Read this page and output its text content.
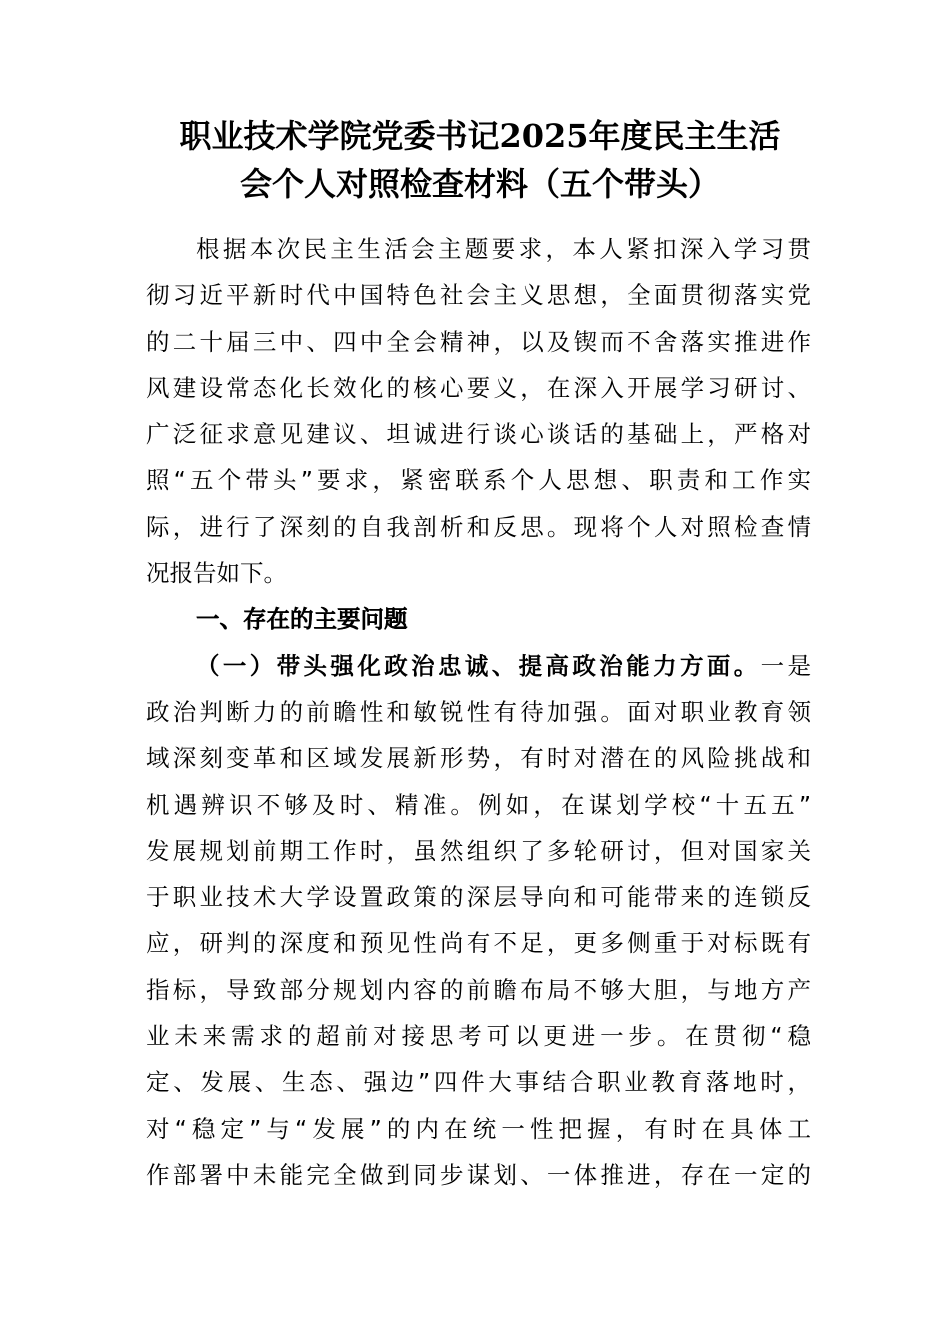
职业技术学院党委书记2025年度民主生活
会个人对照检查材料（五个带头）
根据本次民主生活会主题要求，本人紧扣深入学习贯
彻习近平新时代中国特色社会主义思想，全面贯彻落实党
的二十届三中、四中全会精神，以及锲而不舍落实推进作
风建设常态化长效化的核心要义，在深入开展学习研讨、
广泛征求意见建议、坦诚进行谈心谈话的基础上，严格对
照“五个带头”要求，紧密联系个人思想、职责和工作实
际，进行了深刻的自我剖析和反思。现将个人对照检查情
况报告如下。
一、存在的主要问题
（一）带头强化政治忠诚、提高政治能力方面。一是
政治判断力的前瞻性和敏锐性有待加强。面对职业教育领
域深刻变革和区域发展新形势，有时对潜在的风险挑战和
机遇辨识不够及时、精准。例如，在谋划学校“十五五”
发展规划前期工作时，虽然组织了多轮研讨，但对国家关
于职业技术大学设置政策的深层导向和可能带来的连锁反
应，研判的深度和预见性尚有不足，更多侧重于对标既有
指标，导致部分规划内容的前瞻布局不够大胆，与地方产
业未来需求的超前对接思考可以更进一步。在贯彻“稳
定、发展、生态、强边”四件大事结合职业教育落地时，
对“稳定”与“发展”的内在统一性把握，有时在具体工
作部署中未能完全做到同步谋划、一体推进，存在一定的
